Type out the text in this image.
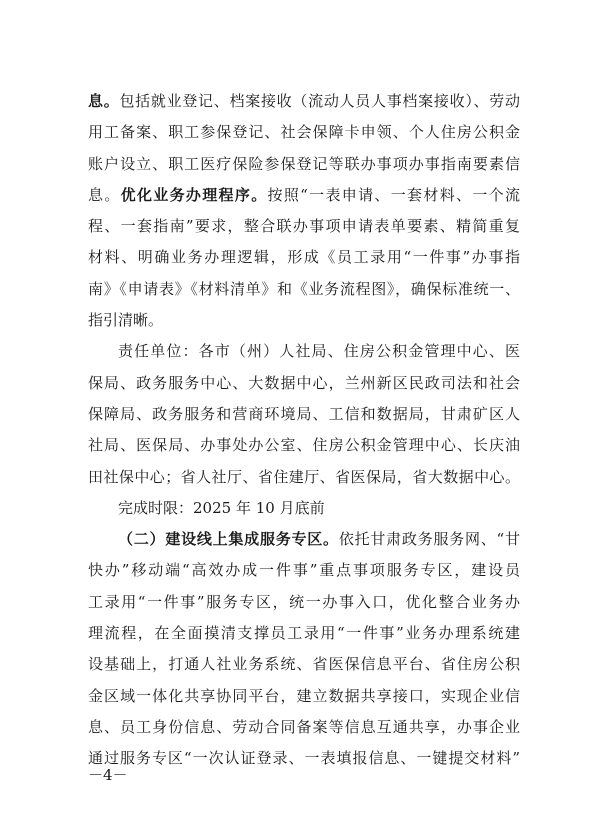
息。包括就业登记、档案接收（流动人员人事档案接收）、劳动
用工备案、职工参保登记、社会保障卡申领、个人住房公积金
账户设立、职工医疗保险参保登记等联办事项办事指南要素信
息。优化业务办理程序。按照“一表申请、一套材料、一个流
程、一套指南”要求，整合联办事项申请表单要素、精简重复
材料、明确业务办理逻辑，形成《员工录用“一件事”办事指
南》《申请表》《材料清单》和《业务流程图》，确保标准统一、
指引清晰。
责任单位：各市（州）人社局、住房公积金管理中心、医
保局、政务服务中心、大数据中心，兰州新区民政司法和社会
保障局、政务服务和营商环境局、工信和数据局，甘肃矿区人
社局、医保局、办事处办公室、住房公积金管理中心、长庆油
田社保中心；省人社厅、省住建厅、省医保局，省大数据中心。
完成时限：2025 年 10 月底前
（二）建设线上集成服务专区。依托甘肃政务服务网、“甘
快办”移动端“高效办成一件事”重点事项服务专区，建设员
工录用“一件事”服务专区，统一办事入口，优化整合业务办
理流程，在全面摸清支撑员工录用“一件事”业务办理系统建
设基础上，打通人社业务系统、省医保信息平台、省住房公积
金区域一体化共享协同平台，建立数据共享接口，实现企业信
息、员工身份信息、劳动合同备案等信息互通共享，办事企业
通过服务专区“一次认证登录、一表填报信息、一键提交材料”
－4－
